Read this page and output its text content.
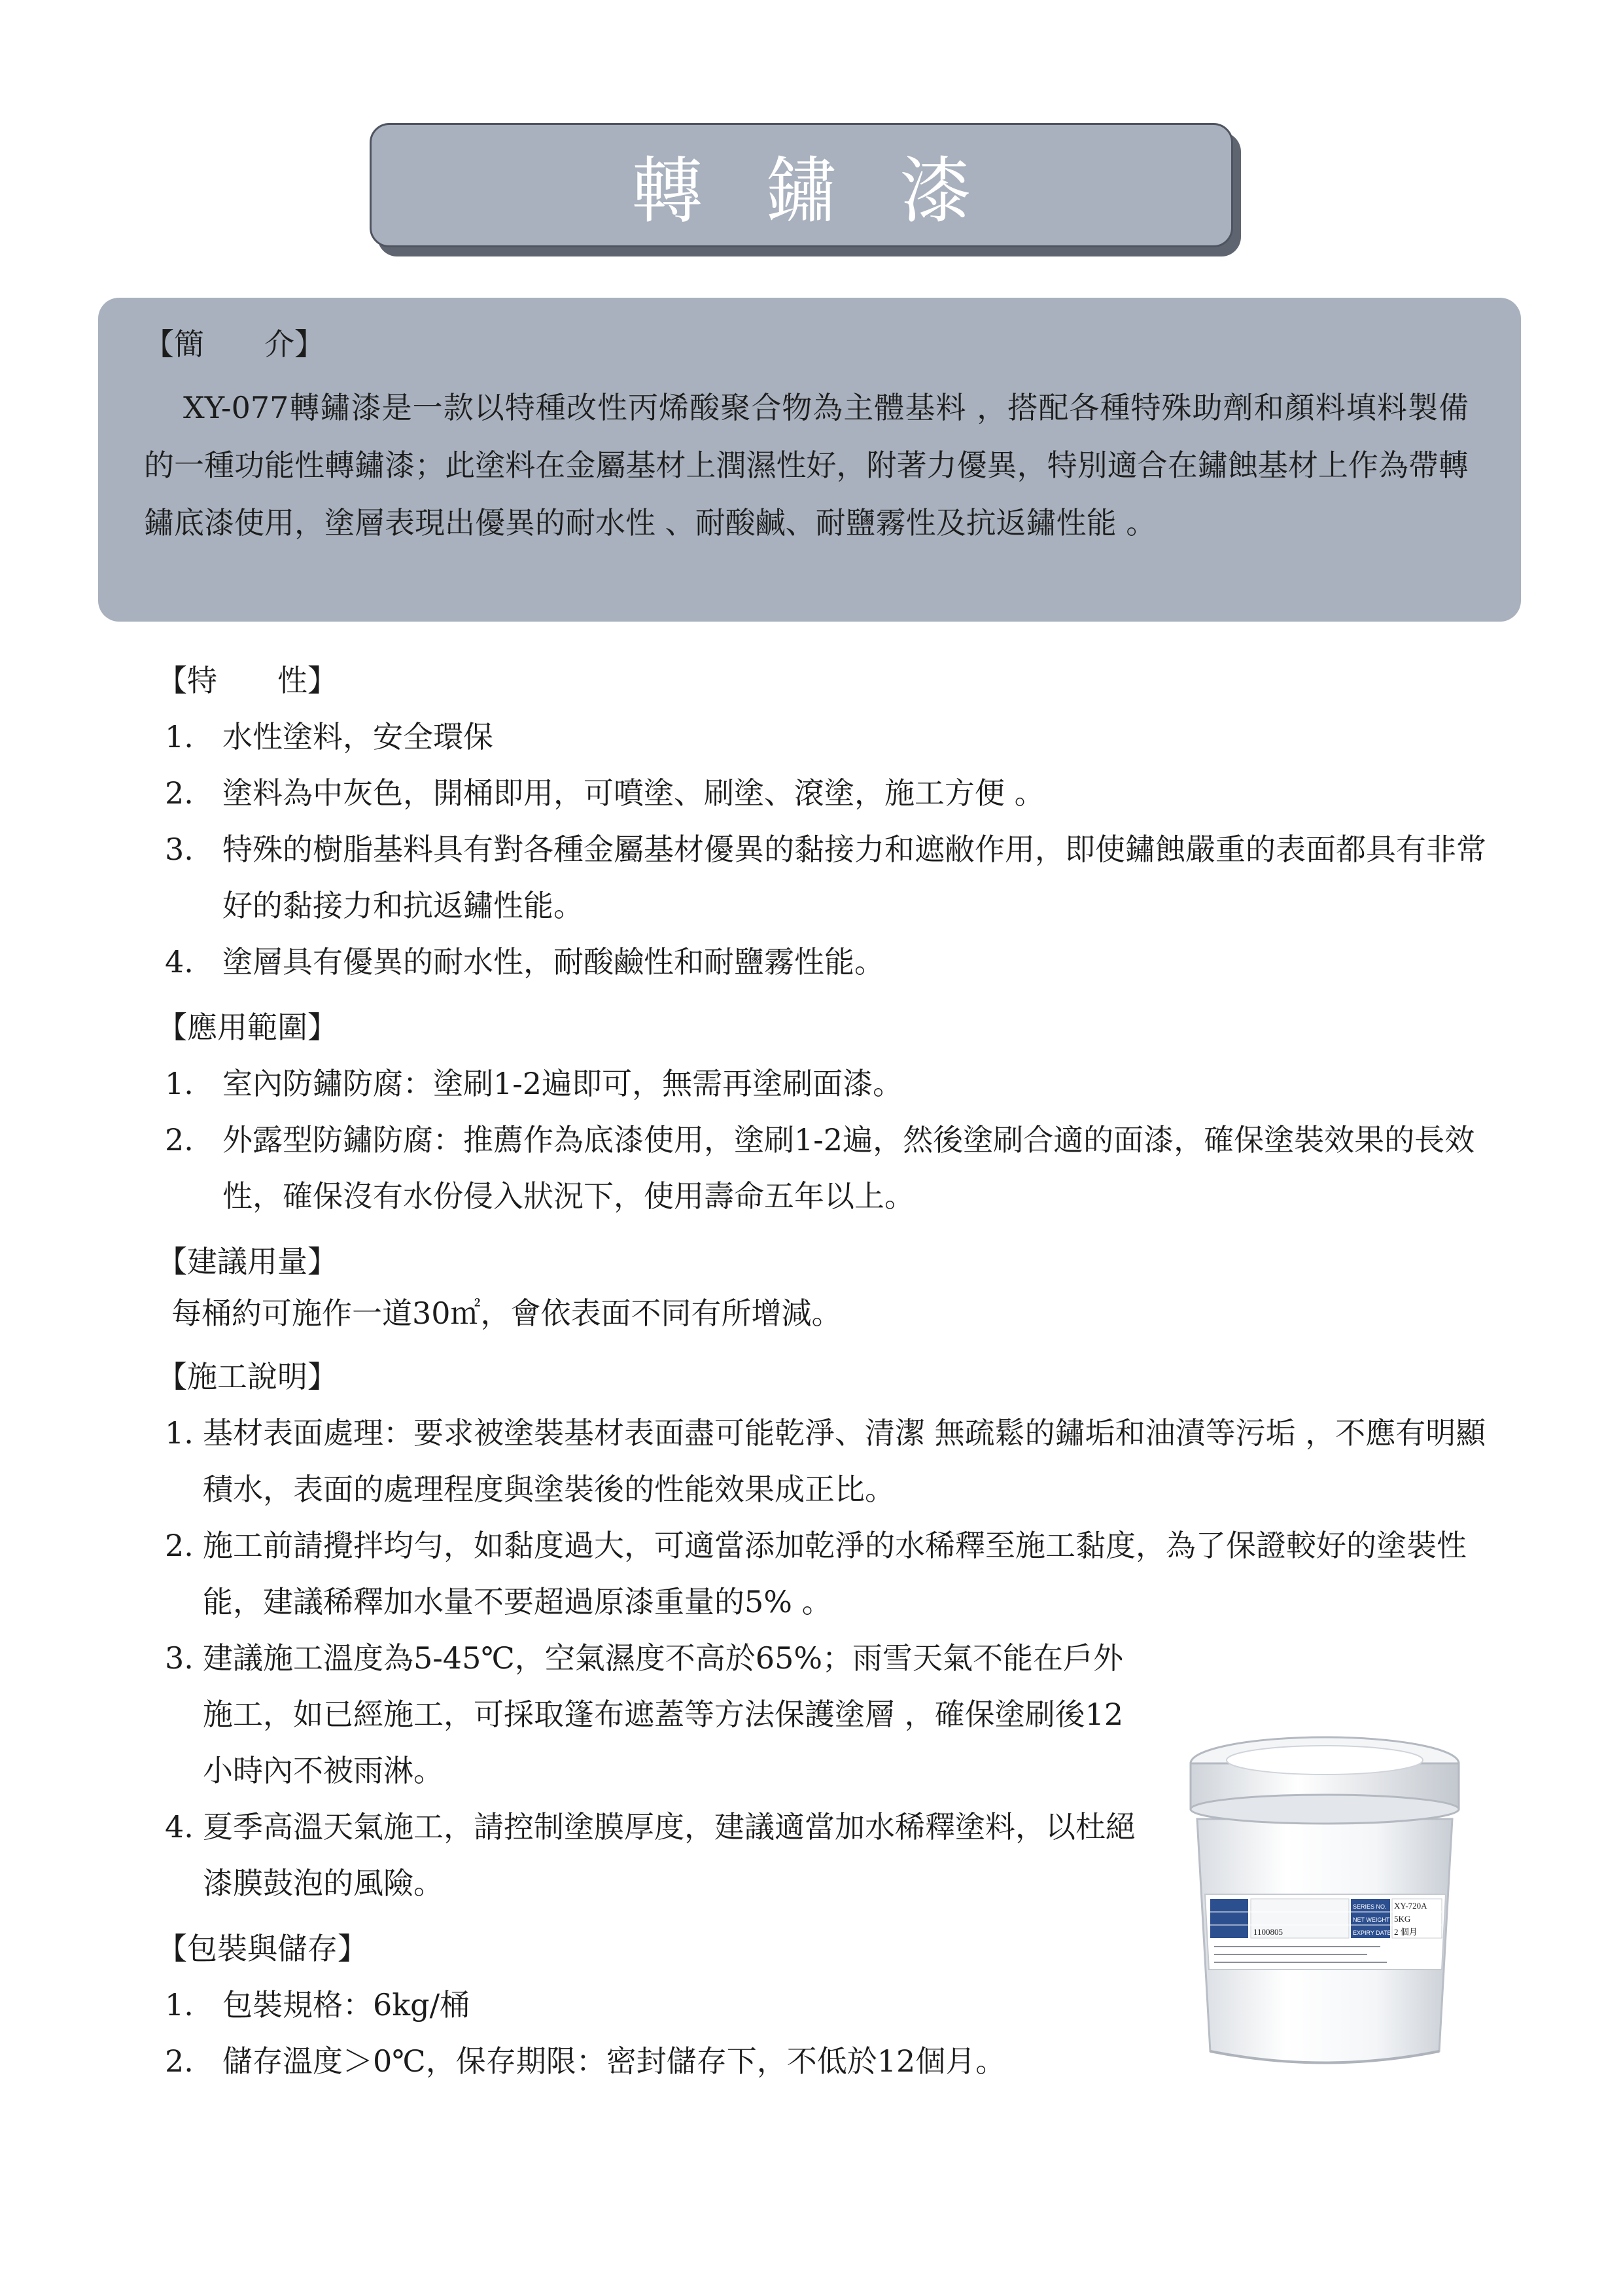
轉 鏽 漆
【簡　　介】
XY-077轉鏽漆是一款以特種改性丙烯酸聚合物為主體基料 ，搭配各種特殊助劑和顏料填料製備的一種功能性轉鏽漆；此塗料在金屬基材上潤濕性好，附著力優異，特別適合在鏽蝕基材上作為帶轉鏽底漆使用，塗層表現出優異的耐水性 、耐酸鹹、耐鹽霧性及抗返鏽性能 。
【特　　性】
1. 水性塗料，安全環保
2. 塗料為中灰色，開桶即用，可噴塗、刷塗、滾塗，施工方便 。
3. 特殊的樹脂基料具有對各種金屬基材優異的黏接力和遮敝作用，即使鏽蝕嚴重的表面都具有非常好的黏接力和抗返鏽性能。
4. 塗層具有優異的耐水性，耐酸鹼性和耐鹽霧性能。
【應用範圍】
1. 室內防鏽防腐：塗刷1-2遍即可，無需再塗刷面漆。
2. 外露型防鏽防腐：推薦作為底漆使用，塗刷1-2遍，然後塗刷合適的面漆，確保塗裝效果的長效性，確保沒有水份侵入狀況下，使用壽命五年以上。
【建議用量】
每桶約可施作一道30㎡，會依表面不同有所增減。
【施工說明】
1. 基材表面處理：要求被塗裝基材表面盡可能乾淨、清潔 無疏鬆的鏽垢和油漬等污垢 ，不應有明顯積水，表面的處理程度與塗裝後的性能效果成正比。
2. 施工前請攪拌均勻，如黏度過大，可適當添加乾淨的水稀釋至施工黏度，為了保證較好的塗裝性能，建議稀釋加水量不要超過原漆重量的5% 。
3. 建議施工溫度為5-45℃，空氣濕度不高於65%；雨雪天氣不能在戶外施工，如已經施工，可採取篷布遮蓋等方法保護塗層 ，確保塗刷後12小時內不被雨淋。
4. 夏季高溫天氣施工，請控制塗膜厚度，建議適當加水稀釋塗料，以杜絕漆膜鼓泡的風險。
【包裝與儲存】
1. 包裝規格：6kg/桶
2. 儲存溫度＞0℃，保存期限：密封儲存下，不低於12個月。
SERIES NO.
NET WEIGHT
EXPIRY DATE
XY-720A
5KG
2 個月
1100805
